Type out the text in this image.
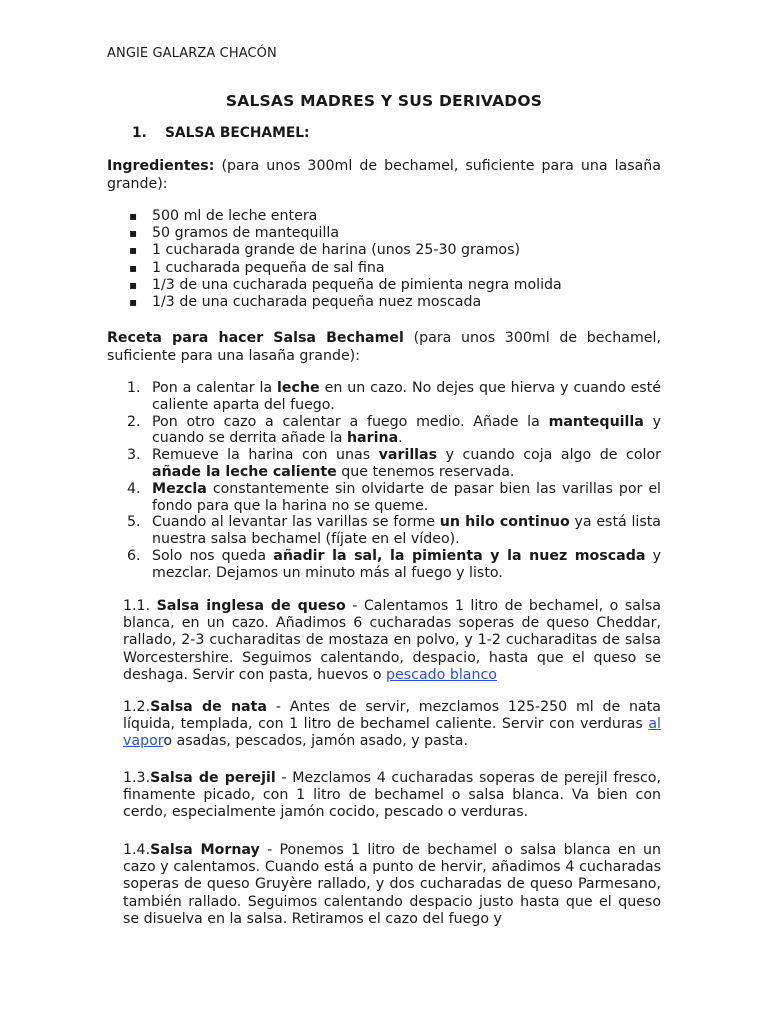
ANGIE GALARZA CHACÓN
SALSAS MADRES Y SUS DERIVADOS
1. SALSA BECHAMEL:
Ingredientes: (para unos 300ml de bechamel, suficiente para una lasaña grande):
▪ 500 ml de leche entera
▪ 50 gramos de mantequilla
▪ 1 cucharada grande de harina (unos 25-30 gramos)
▪ 1 cucharada pequeña de sal fina
▪ 1/3 de una cucharada pequeña de pimienta negra molida
▪ 1/3 de una cucharada pequeña nuez moscada
Receta para hacer Salsa Bechamel (para unos 300ml de bechamel, suficiente para una lasaña grande):
1. Pon a calentar la leche en un cazo. No dejes que hierva y cuando esté caliente aparta del fuego.
2. Pon otro cazo a calentar a fuego medio. Añade la mantequilla y cuando se derrita añade la harina.
3. Remueve la harina con unas varillas y cuando coja algo de color añade la leche caliente que tenemos reservada.
4. Mezcla constantemente sin olvidarte de pasar bien las varillas por el fondo para que la harina no se queme.
5. Cuando al levantar las varillas se forme un hilo continuo ya está lista nuestra salsa bechamel (fíjate en el vídeo).
6. Solo nos queda añadir la sal, la pimienta y la nuez moscada y mezclar. Dejamos un minuto más al fuego y listo.
1.1. Salsa inglesa de queso - Calentamos 1 litro de bechamel, o salsa blanca, en un cazo. Añadimos 6 cucharadas soperas de queso Cheddar, rallado, 2-3 cucharaditas de mostaza en polvo, y 1-2 cucharaditas de salsa Worcestershire. Seguimos calentando, despacio, hasta que el queso se deshaga. Servir con pasta, huevos o pescado blanco
1.2.Salsa de nata - Antes de servir, mezclamos 125-250 ml de nata líquida, templada, con 1 litro de bechamel caliente. Servir con verduras al vaporo asadas, pescados, jamón asado, y pasta.
1.3.Salsa de perejil - Mezclamos 4 cucharadas soperas de perejil fresco, finamente picado, con 1 litro de bechamel o salsa blanca. Va bien con cerdo, especialmente jamón cocido, pescado o verduras.
1.4.Salsa Mornay - Ponemos 1 litro de bechamel o salsa blanca en un cazo y calentamos. Cuando está a punto de hervir, añadimos 4 cucharadas soperas de queso Gruyère rallado, y dos cucharadas de queso Parmesano, también rallado. Seguimos calentando despacio justo hasta que el queso se disuelva en la salsa. Retiramos el cazo del fuego y
